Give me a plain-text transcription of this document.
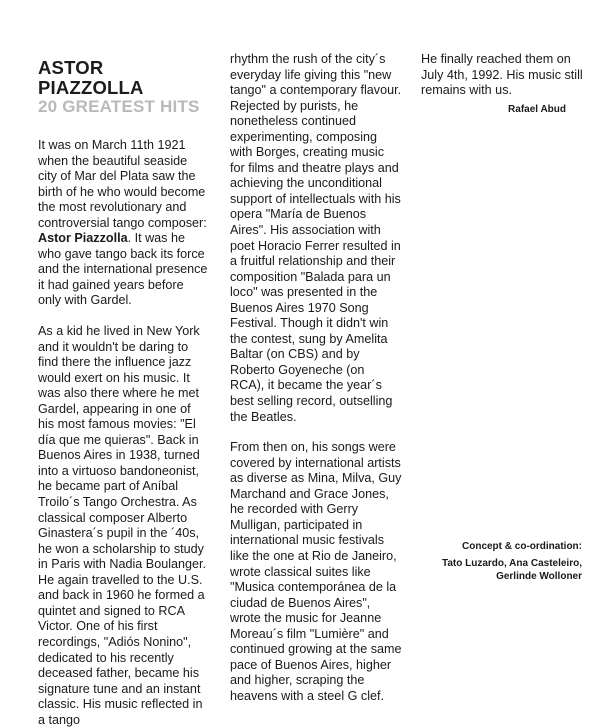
ASTOR PIAZZOLLA
20 GREATEST HITS

It was on March 11th 1921 when the beautiful seaside city of Mar del Plata saw the birth of he who would become the most revolutionary and controversial tango composer: Astor Piazzolla. It was he who gave tango back its force and the international presence it had gained years before only with Gardel.

As a kid he lived in New York and it wouldn't be daring to find there the influence jazz would exert on his music. It was also there where he met Gardel, appearing in one of his most famous movies: "El día que me quieras". Back in Buenos Aires in 1938, turned into a virtuoso bandoneonist, he became part of Aníbal Troilo´s Tango Orchestra. As classical composer Alberto Ginastera´s pupil in the ´40s, he won a scholarship to study in Paris with Nadia Boulanger. He again travelled to the U.S. and back in 1960 he formed a quintet and signed to RCA Victor. One of his first recordings, "Adiós Nonino", dedicated to his recently deceased father, became his signature tune and an instant classic. His music reflected in a tango

rhythm the rush of the city´s everyday life giving this "new tango" a contemporary flavour. Rejected by purists, he nonetheless continued experimenting, composing with Borges, creating music for films and theatre plays and achieving the unconditional support of intellectuals with his opera "María de Buenos Aires". His association with poet Horacio Ferrer resulted in a fruitful relationship and their composition "Balada para un loco" was presented in the Buenos Aires 1970 Song Festival. Though it didn't win the contest, sung by Amelita Baltar (on CBS) and by Roberto Goyeneche (on RCA), it became the year´s best selling record, outselling the Beatles.

From then on, his songs were covered by international artists as diverse as Mina, Milva, Guy Marchand and Grace Jones, he recorded with Gerry Mulligan, participated in international music festivals like the one at Rio de Janeiro, wrote classical suites like "Musica contemporánea de la ciudad de Buenos Aires", wrote the music for Jeanne Moreau´s film "Lumière" and continued growing at the same pace of Buenos Aires, higher and higher, scraping the heavens with a steel G clef.

He finally reached them on July 4th, 1992. His music still remains with us.

Rafael Abud
Concept & co-ordination:
Tato Luzardo, Ana Casteleiro,
Gerlinde Wolloner
